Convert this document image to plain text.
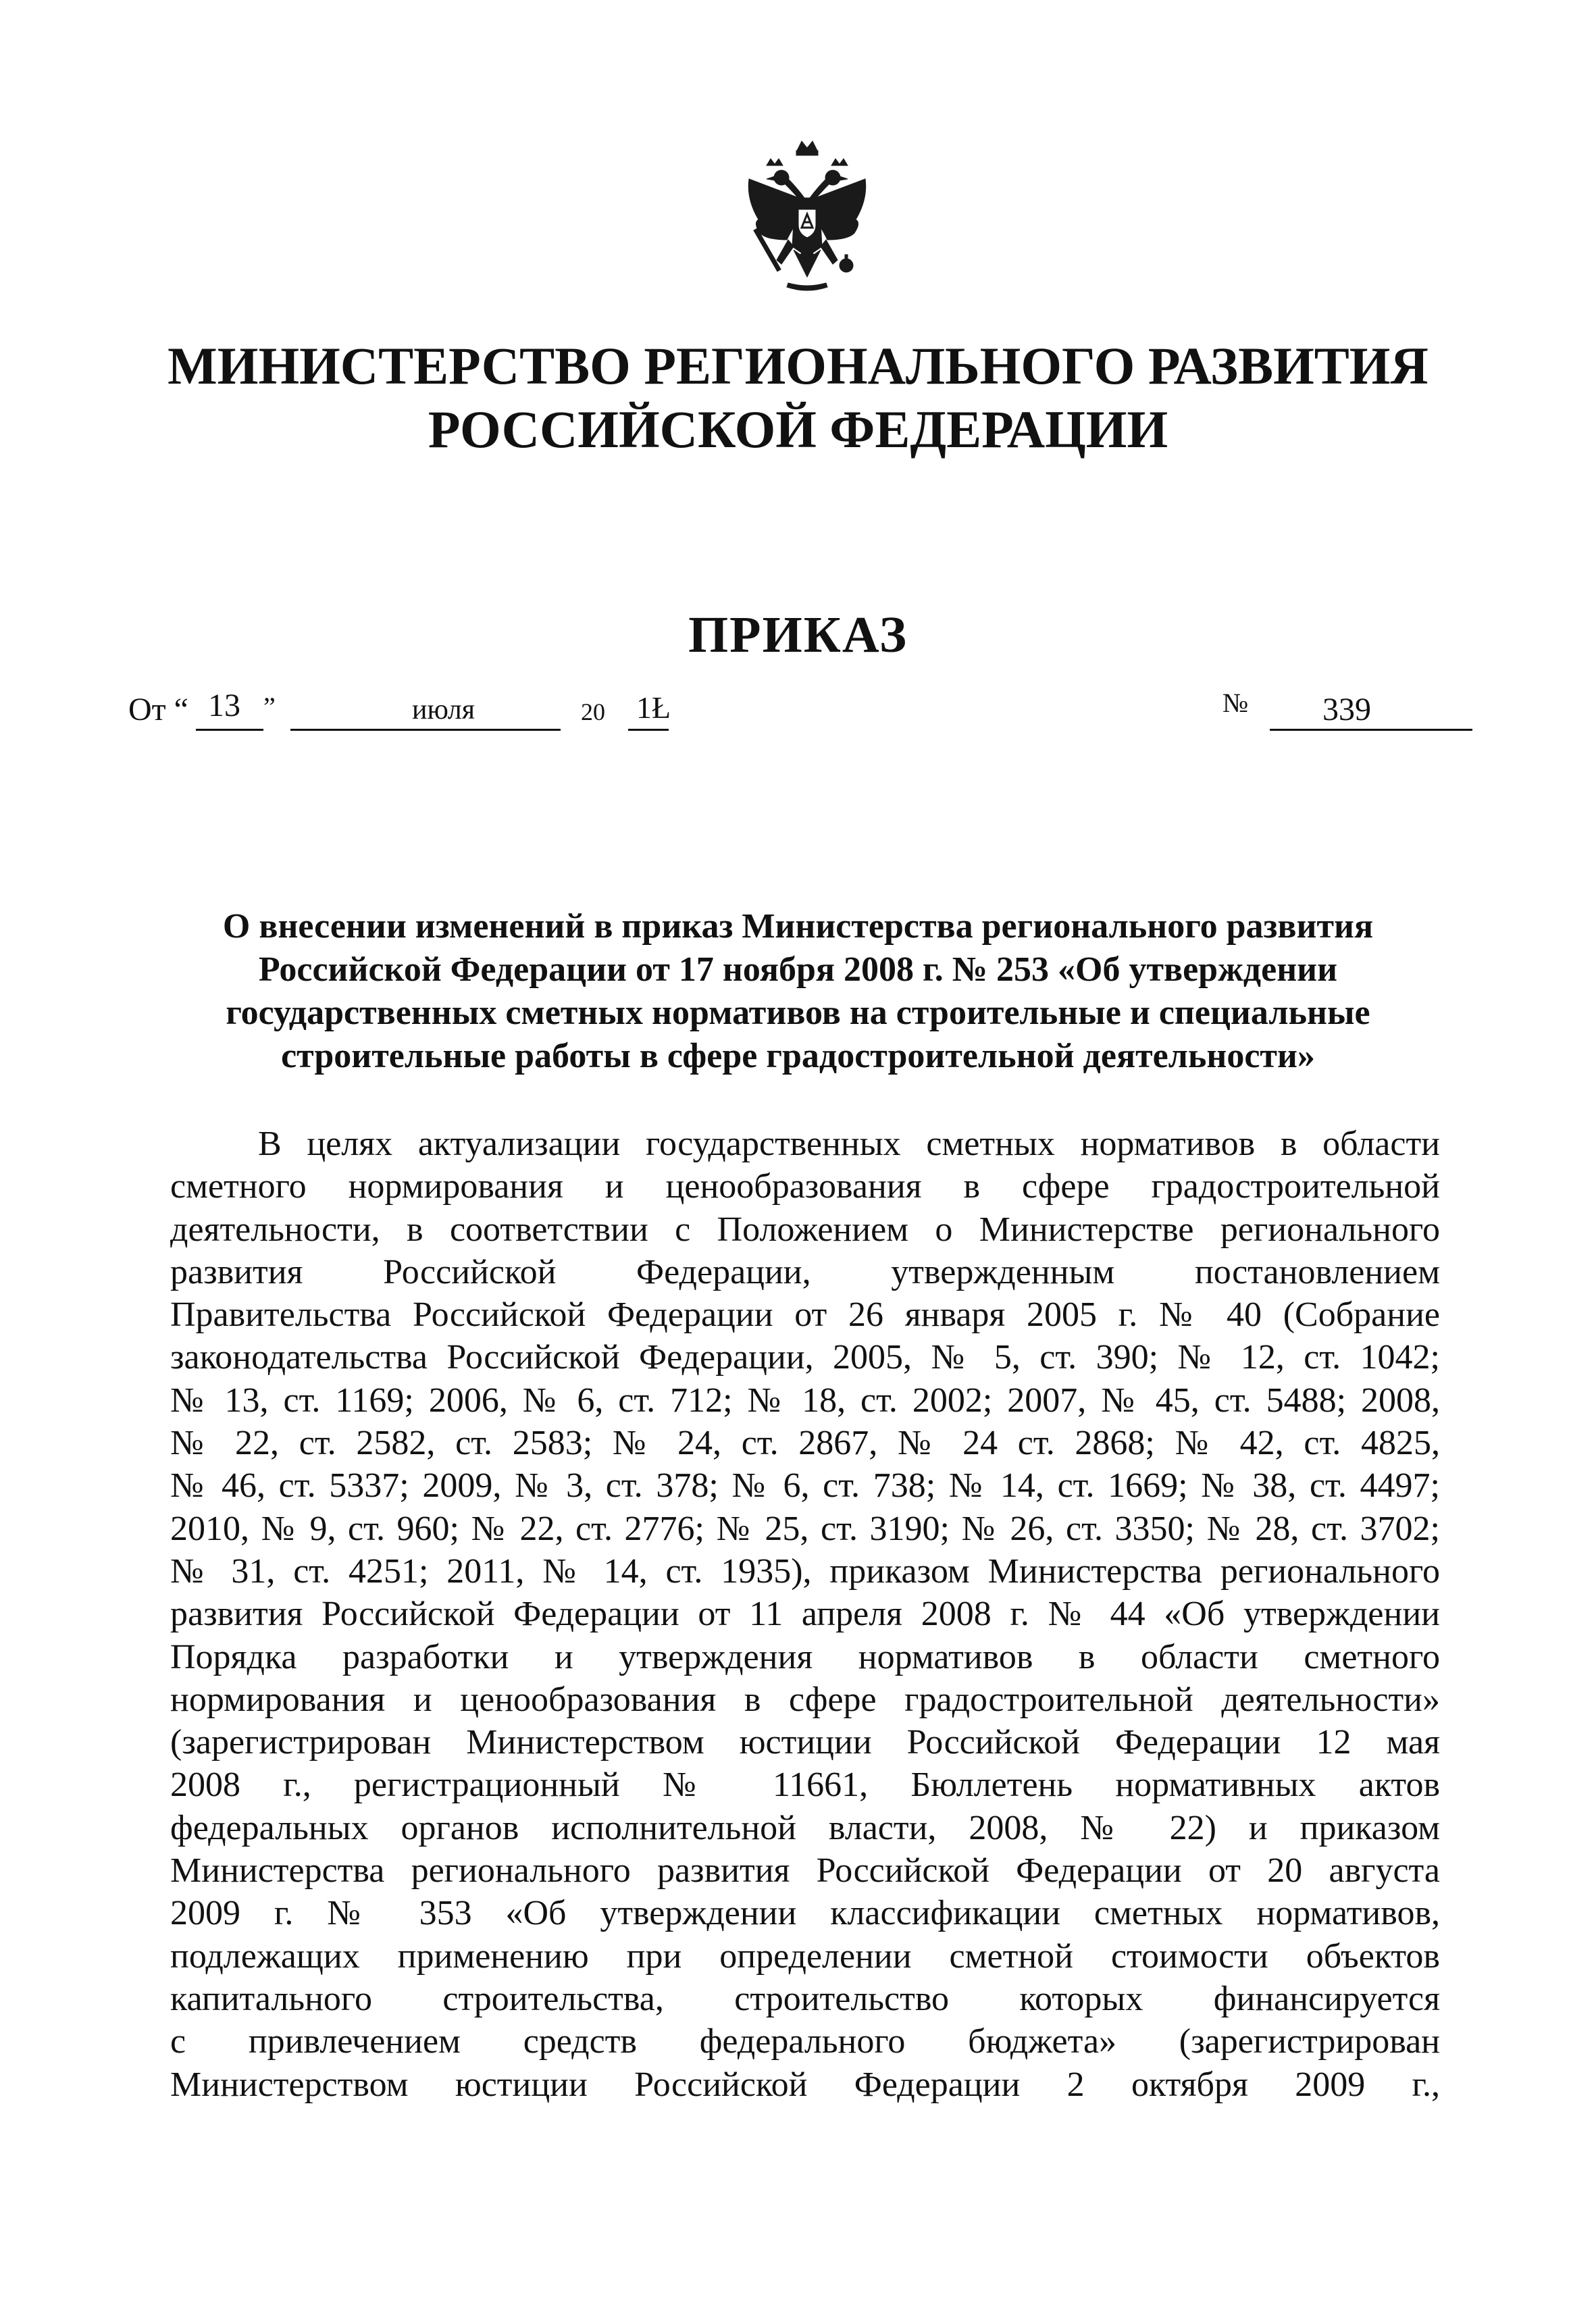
МИНИСТЕРСТВО РЕГИОНАЛЬНОГО РАЗВИТИЯ
РОССИЙСКОЙ ФЕДЕРАЦИИ
ПРИКАЗ
От “ 13 ”	июля	20 1Ł	№ 339
О внесении изменений в приказ Министерства регионального развития
Российской Федерации от 17 ноября 2008 г. № 253 «Об утверждении
государственных сметных нормативов на строительные и специальные
строительные работы в сфере градостроительной деятельности»
В целях актуализации государственных сметных нормативов в области
сметного нормирования и ценообразования в сфере градостроительной
деятельности, в соответствии с Положением о Министерстве регионального
развития Российской Федерации, утвержденным постановлением
Правительства Российской Федерации от 26 января 2005 г. № 40 (Собрание
законодательства Российской Федерации, 2005, № 5, ст. 390; № 12, ст. 1042;
№ 13, ст. 1169; 2006, № 6, ст. 712; № 18, ст. 2002; 2007, № 45, ст. 5488; 2008,
№ 22, ст. 2582, ст. 2583; № 24, ст. 2867, № 24 ст. 2868; № 42, ст. 4825,
№ 46, ст. 5337; 2009, № 3, ст. 378; № 6, ст. 738; № 14, ст. 1669; № 38, ст. 4497;
2010, № 9, ст. 960; № 22, ст. 2776; № 25, ст. 3190; № 26, ст. 3350; № 28, ст. 3702;
№ 31, ст. 4251; 2011, № 14, ст. 1935), приказом Министерства регионального
развития Российской Федерации от 11 апреля 2008 г. № 44 «Об утверждении
Порядка разработки и утверждения нормативов в области сметного
нормирования и ценообразования в сфере градостроительной деятельности»
(зарегистрирован Министерством юстиции Российской Федерации 12 мая
2008 г., регистрационный № 11661, Бюллетень нормативных актов
федеральных органов исполнительной власти, 2008, № 22) и приказом
Министерства регионального развития Российской Федерации от 20 августа
2009 г. № 353 «Об утверждении классификации сметных нормативов,
подлежащих применению при определении сметной стоимости объектов
капитального строительства, строительство которых финансируется
с привлечением средств федерального бюджета» (зарегистрирован
Министерством юстиции Российской Федерации 2 октября 2009 г.,
